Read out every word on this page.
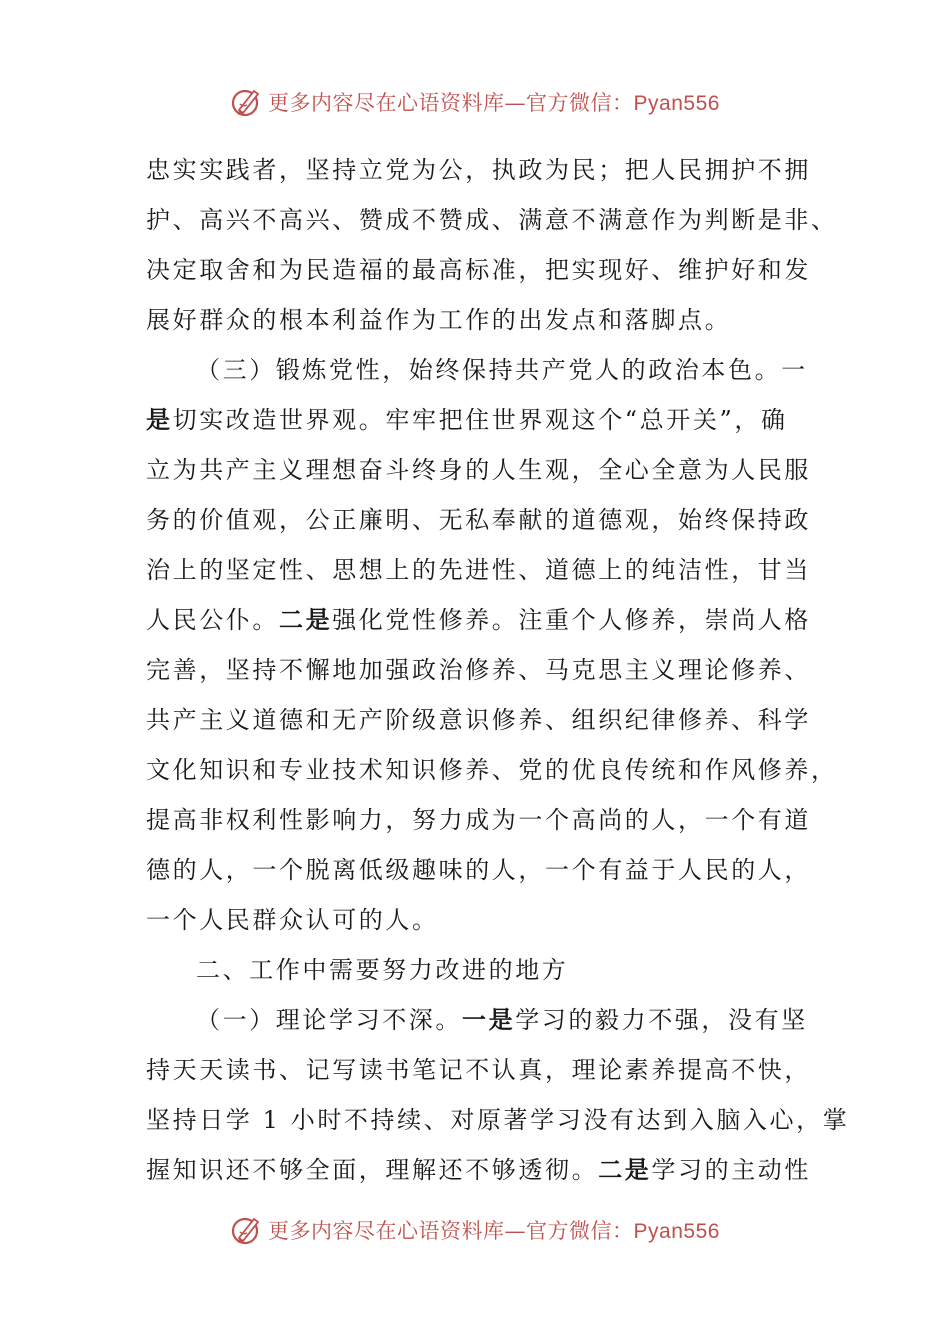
更多内容尽在心语资料库—官方微信：Pyan556
忠实实践者，坚持立党为公，执政为民；把人民拥护不拥
护、高兴不高兴、赞成不赞成、满意不满意作为判断是非、
决定取舍和为民造福的最高标准，把实现好、维护好和发
展好群众的根本利益作为工作的出发点和落脚点。
（三）锻炼党性，始终保持共产党人的政治本色。一
是切实改造世界观。牢牢把住世界观这个“总开关”，确
立为共产主义理想奋斗终身的人生观，全心全意为人民服
务的价值观，公正廉明、无私奉献的道德观，始终保持政
治上的坚定性、思想上的先进性、道德上的纯洁性，甘当
人民公仆。二是强化党性修养。注重个人修养，崇尚人格
完善，坚持不懈地加强政治修养、马克思主义理论修养、
共产主义道德和无产阶级意识修养、组织纪律修养、科学
文化知识和专业技术知识修养、党的优良传统和作风修养，
提高非权利性影响力，努力成为一个高尚的人，一个有道
德的人，一个脱离低级趣味的人，一个有益于人民的人，
一个人民群众认可的人。
二、工作中需要努力改进的地方
（一）理论学习不深。一是学习的毅力不强，没有坚
持天天读书、记写读书笔记不认真，理论素养提高不快，
坚持日学 1 小时不持续、对原著学习没有达到入脑入心，掌
握知识还不够全面，理解还不够透彻。二是学习的主动性
更多内容尽在心语资料库—官方微信：Pyan556
